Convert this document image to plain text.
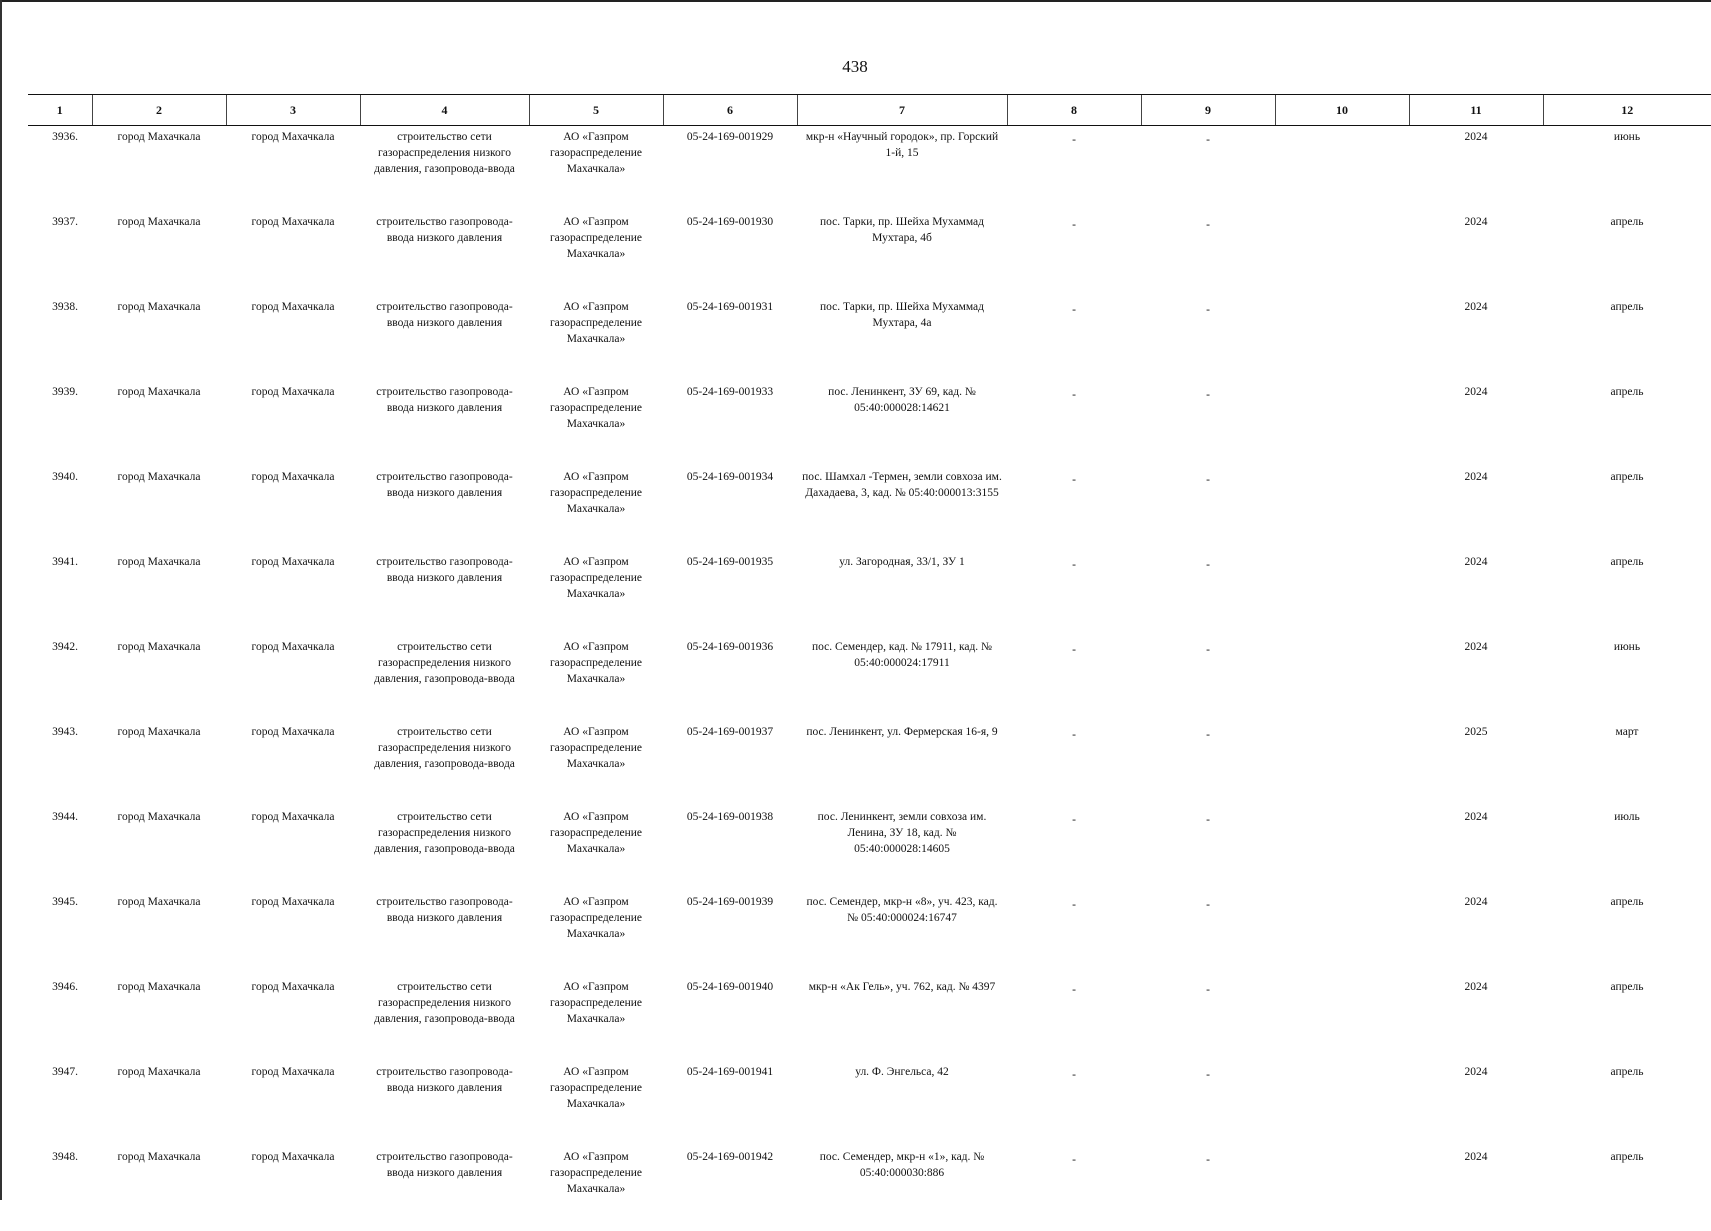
438
1	2	3	4	5	6	7	8	9	10	11	12
3936.	город Махачкала	город Махачкала	строительство сети газораспределения низкого давления, газопровода-ввода	АО «Газпром газораспределение Махачкала»	05-24-169-001929	мкр-н «Научный городок», пр. Горский 1-й, 15	-	-		2024	июнь
3937.	город Махачкала	город Махачкала	строительство газопровода-ввода низкого давления	АО «Газпром газораспределение Махачкала»	05-24-169-001930	пос. Тарки, пр. Шейха Мухаммад Мухтара, 4б	-	-		2024	апрель
3938.	город Махачкала	город Махачкала	строительство газопровода-ввода низкого давления	АО «Газпром газораспределение Махачкала»	05-24-169-001931	пос. Тарки, пр. Шейха Мухаммад Мухтара, 4а	-	-		2024	апрель
3939.	город Махачкала	город Махачкала	строительство газопровода-ввода низкого давления	АО «Газпром газораспределение Махачкала»	05-24-169-001933	пос. Ленинкент, ЗУ 69, кад. № 05:40:000028:14621	-	-		2024	апрель
3940.	город Махачкала	город Махачкала	строительство газопровода-ввода низкого давления	АО «Газпром газораспределение Махачкала»	05-24-169-001934	пос. Шамхал -Термен, земли совхоза им. Дахадаева, 3, кад. № 05:40:000013:3155	-	-		2024	апрель
3941.	город Махачкала	город Махачкала	строительство газопровода-ввода низкого давления	АО «Газпром газораспределение Махачкала»	05-24-169-001935	ул. Загородная, 33/1, ЗУ 1	-	-		2024	апрель
3942.	город Махачкала	город Махачкала	строительство сети газораспределения низкого давления, газопровода-ввода	АО «Газпром газораспределение Махачкала»	05-24-169-001936	пос. Семендер, кад. № 17911, кад. № 05:40:000024:17911	-	-		2024	июнь
3943.	город Махачкала	город Махачкала	строительство сети газораспределения низкого давления, газопровода-ввода	АО «Газпром газораспределение Махачкала»	05-24-169-001937	пос. Ленинкент, ул. Фермерская 16-я, 9	-	-		2025	март
3944.	город Махачкала	город Махачкала	строительство сети газораспределения низкого давления, газопровода-ввода	АО «Газпром газораспределение Махачкала»	05-24-169-001938	пос. Ленинкент, земли совхоза им. Ленина, ЗУ 18, кад. № 05:40:000028:14605	-	-		2024	июль
3945.	город Махачкала	город Махачкала	строительство газопровода-ввода низкого давления	АО «Газпром газораспределение Махачкала»	05-24-169-001939	пос. Семендер, мкр-н «8», уч. 423, кад. № 05:40:000024:16747	-	-		2024	апрель
3946.	город Махачкала	город Махачкала	строительство сети газораспределения низкого давления, газопровода-ввода	АО «Газпром газораспределение Махачкала»	05-24-169-001940	мкр-н «Ак Гель», уч. 762, кад. № 4397	-	-		2024	апрель
3947.	город Махачкала	город Махачкала	строительство газопровода-ввода низкого давления	АО «Газпром газораспределение Махачкала»	05-24-169-001941	ул. Ф. Энгельса, 42	-	-		2024	апрель
3948.	город Махачкала	город Махачкала	строительство газопровода-ввода низкого давления	АО «Газпром газораспределение Махачкала»	05-24-169-001942	пос. Семендер, мкр-н «1», кад. № 05:40:000030:886	-	-		2024	апрель
